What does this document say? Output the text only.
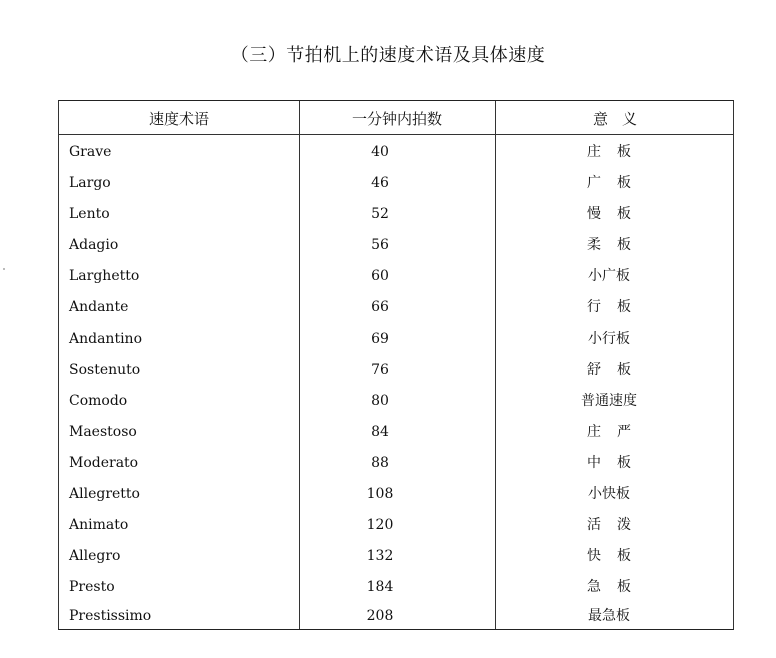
（三）节拍机上的速度术语及具体速度
速度术语	一分钟内拍数	意义
Grave	40	庄板
Largo	46	广板
Lento	52	慢板
Adagio	56	柔板
Larghetto	60	小广板
Andante	66	行板
Andantino	69	小行板
Sostenuto	76	舒板
Comodo	80	普通速度
Maestoso	84	庄严
Moderato	88	中板
Allegretto	108	小快板
Animato	120	活泼
Allegro	132	快板
Presto	184	急板
Prestissimo	208	最急板
